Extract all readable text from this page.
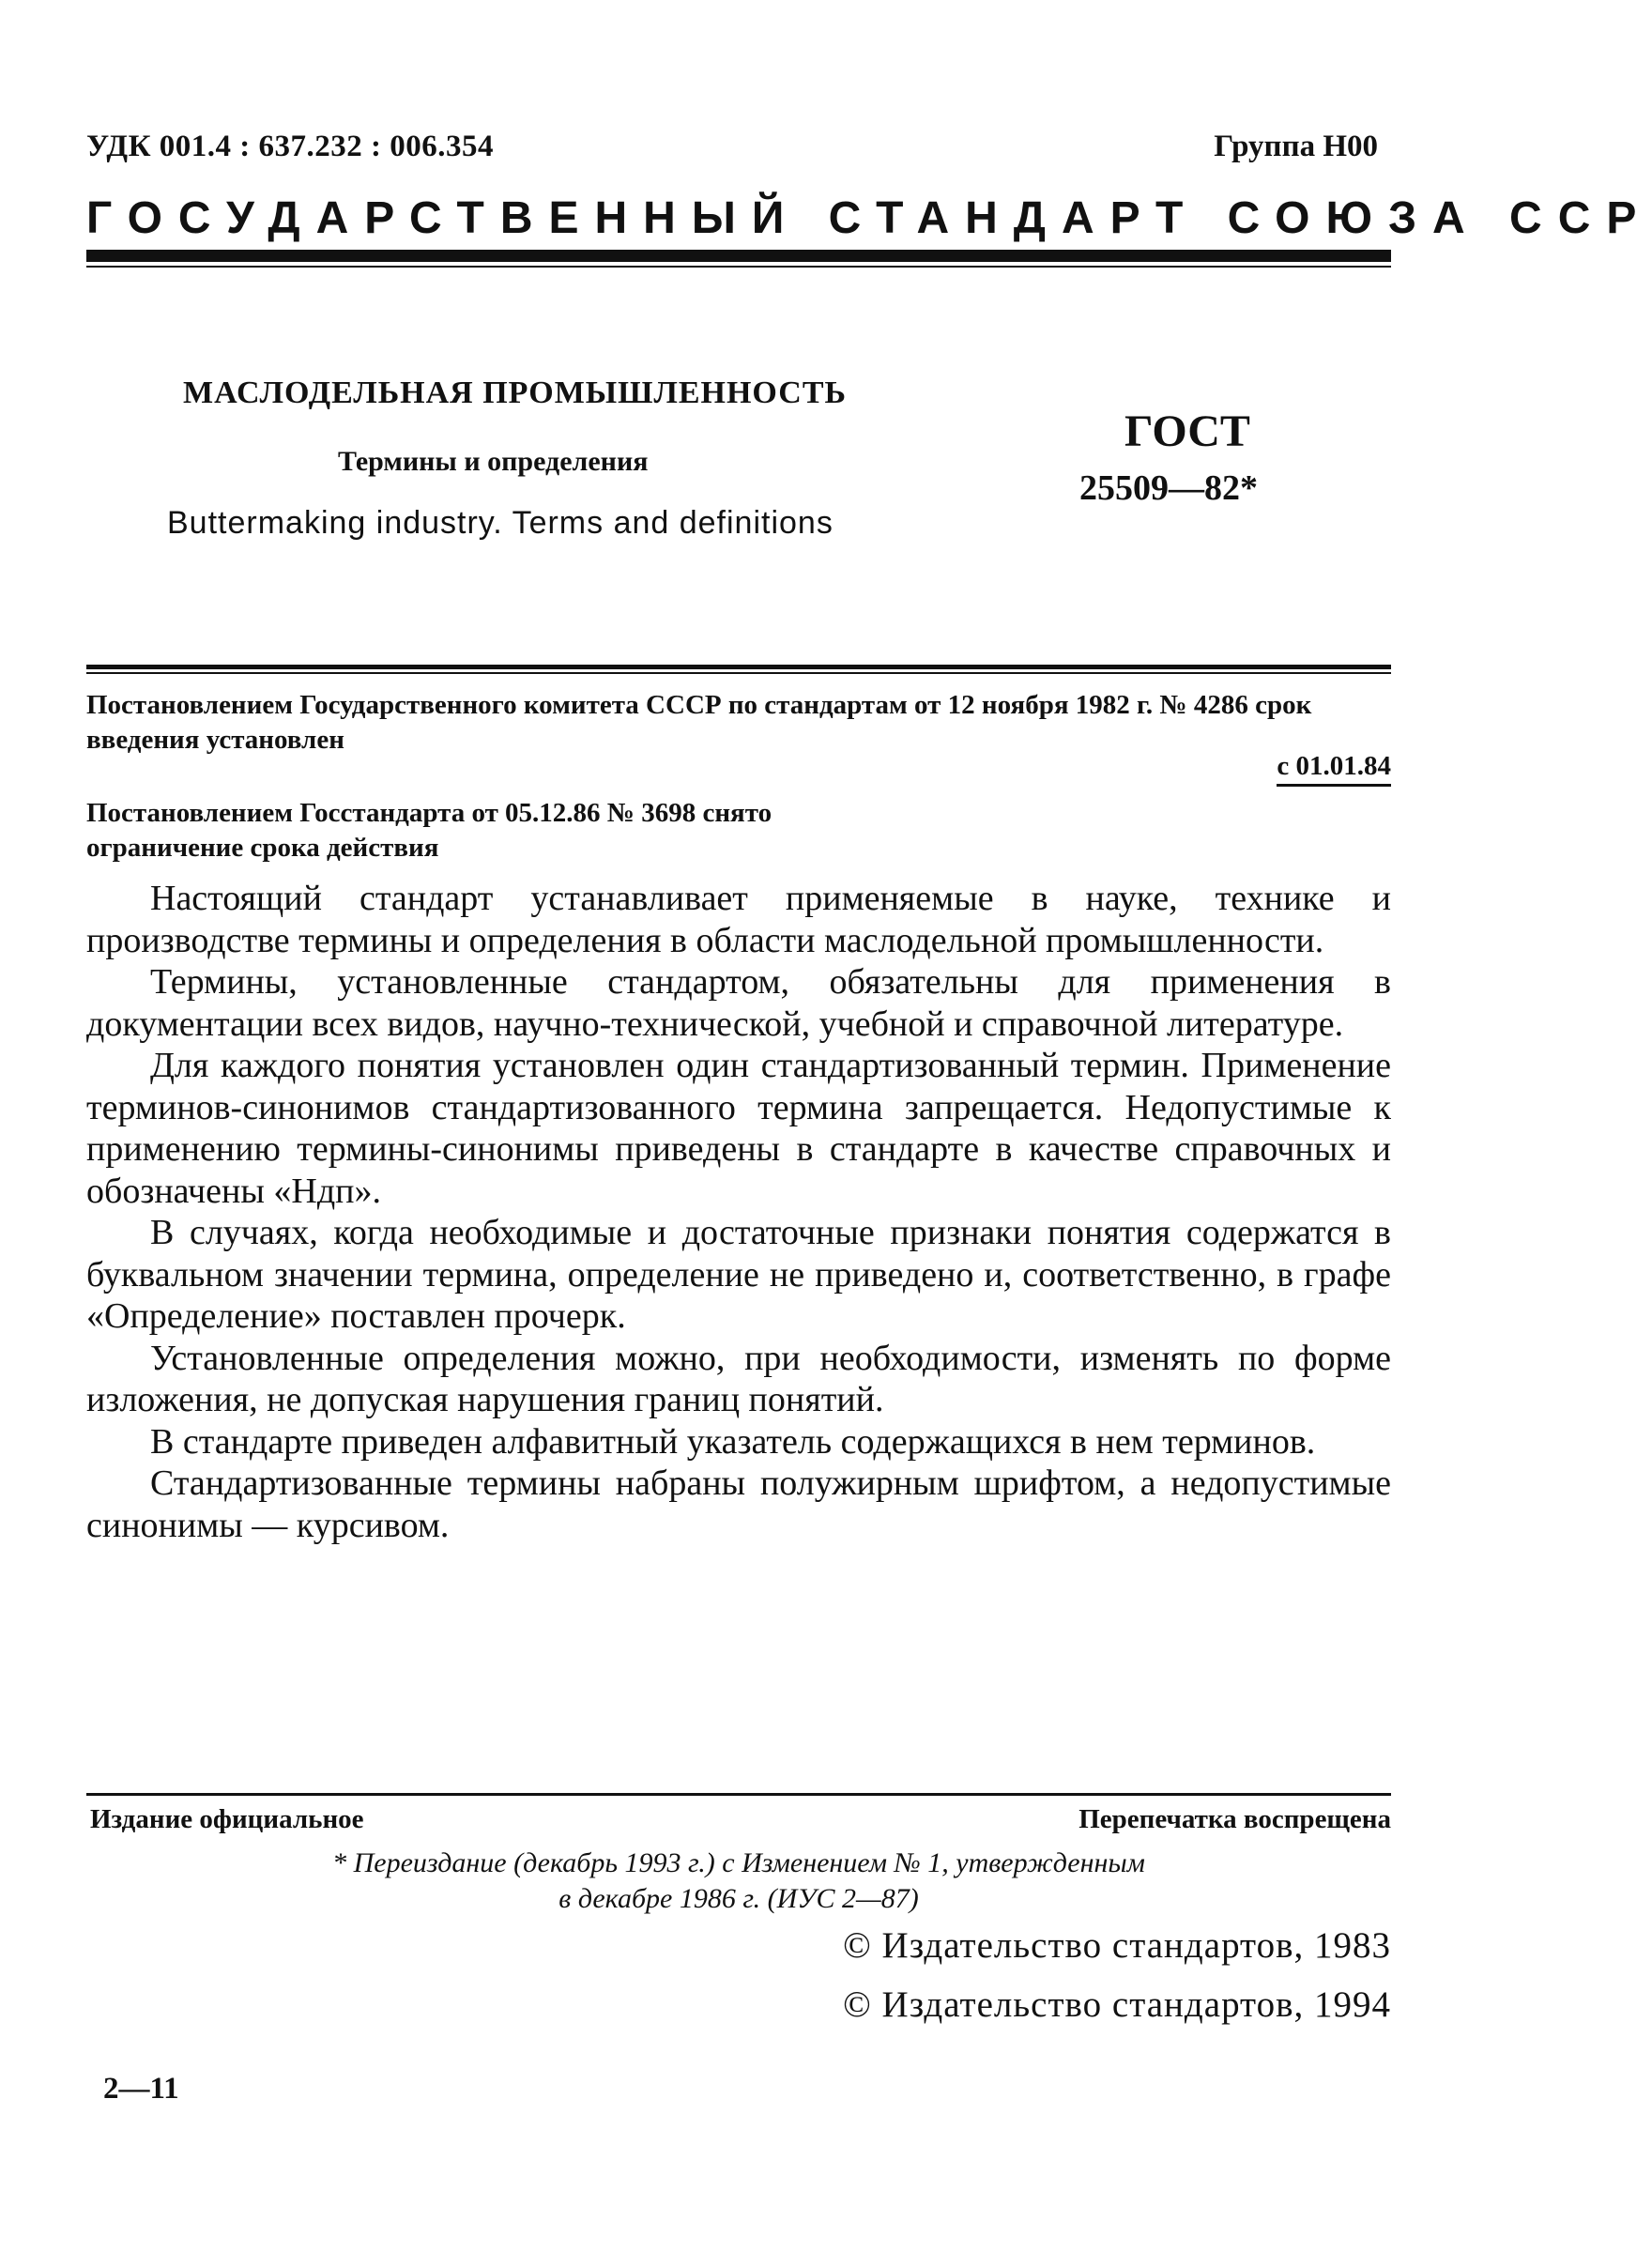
УДК 001.4 : 637.232 : 006.354	Группа Н00
ГОСУДАРСТВЕННЫЙ СТАНДАРТ СОЮЗА ССР
МАСЛОДЕЛЬНАЯ ПРОМЫШЛЕННОСТЬ
Термины и определения
Buttermaking industry. Terms and definitions
ГОСТ
25509—82*
Постановлением Государственного комитета СССР по стандартам от 12 ноября 1982 г. № 4286 срок введения установлен
с 01.01.84
Постановлением Госстандарта от 05.12.86 № 3698 снято ограничение срока действия

Настоящий стандарт устанавливает применяемые в науке, технике и производстве термины и определения в области маслодельной промышленности.

Термины, установленные стандартом, обязательны для применения в документации всех видов, научно-технической, учебной и справочной литературе.

Для каждого понятия установлен один стандартизованный термин. Применение терминов-синонимов стандартизованного термина запрещается. Недопустимые к применению термины-синонимы приведены в стандарте в качестве справочных и обозначены «Ндп».

В случаях, когда необходимые и достаточные признаки понятия содержатся в буквальном значении термина, определение не приведено и, соответственно, в графе «Определение» поставлен прочерк.

Установленные определения можно, при необходимости, изменять по форме изложения, не допуская нарушения границ понятий.

В стандарте приведен алфавитный указатель содержащихся в нем терминов.

Стандартизованные термины набраны полужирным шрифтом, а недопустимые синонимы — курсивом.

Издание официальное	Перепечатка воспрещена
* Переиздание (декабрь 1993 г.) с Изменением № 1, утвержденным
в декабре 1986 г. (ИУС 2—87)
© Издательство стандартов, 1983
© Издательство стандартов, 1994
2—11
